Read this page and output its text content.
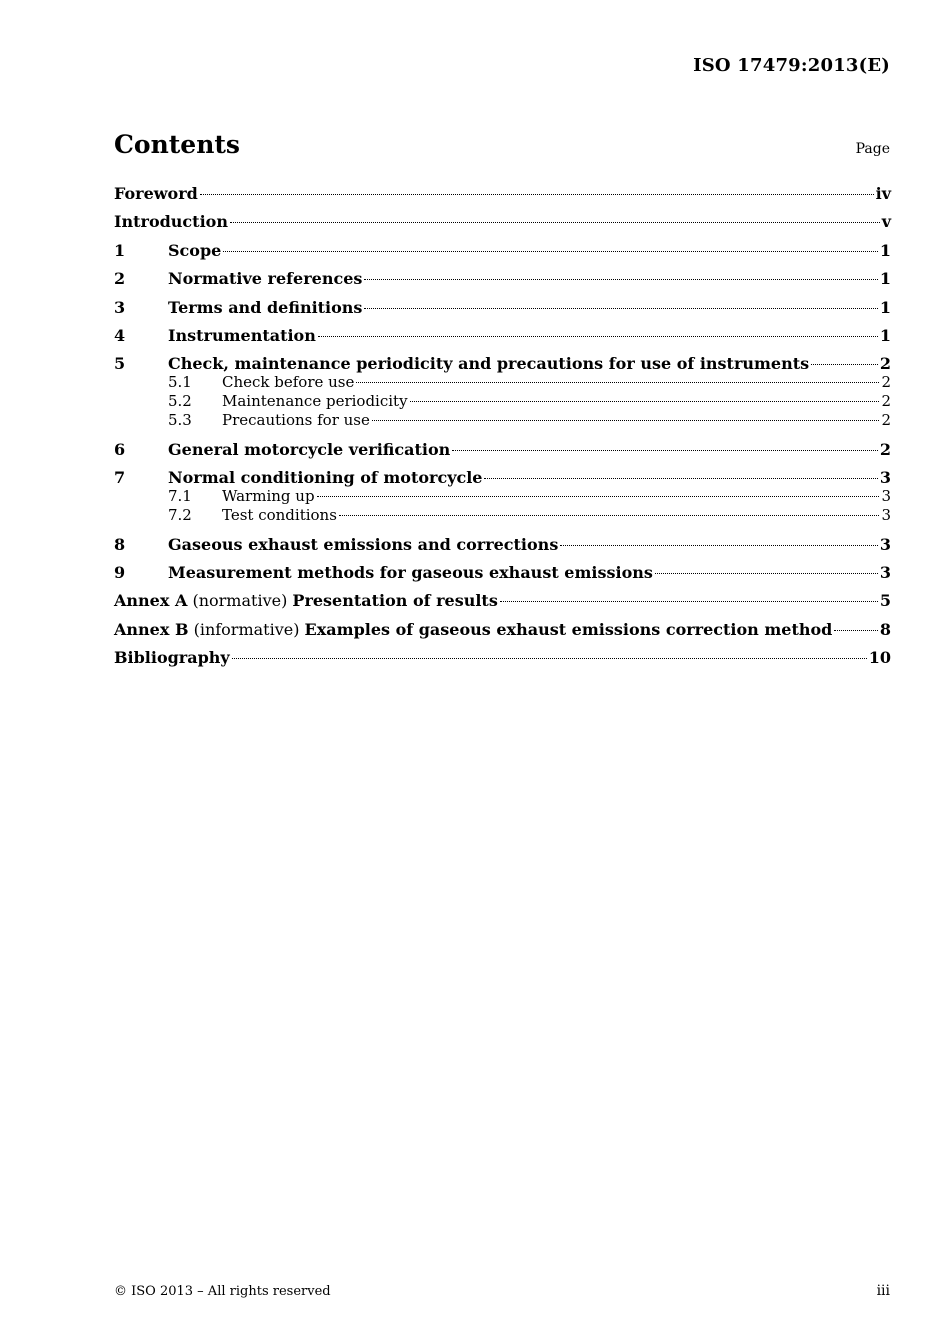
ISO 17479:2013(E)
Contents	Page
Foreword	iv
Introduction	v
1	Scope	1
2	Normative references	1
3	Terms and definitions	1
4	Instrumentation	1
5	Check, maintenance periodicity and precautions for use of instruments	2
5.1	Check before use	2
5.2	Maintenance periodicity	2
5.3	Precautions for use	2
6	General motorcycle verification	2
7	Normal conditioning of motorcycle	3
7.1	Warming up	3
7.2	Test conditions	3
8	Gaseous exhaust emissions and corrections	3
9	Measurement methods for gaseous exhaust emissions	3
Annex A (normative) Presentation of results	5
Annex B (informative) Examples of gaseous exhaust emissions correction method	8
Bibliography	10
© ISO 2013 – All rights reserved	iii
